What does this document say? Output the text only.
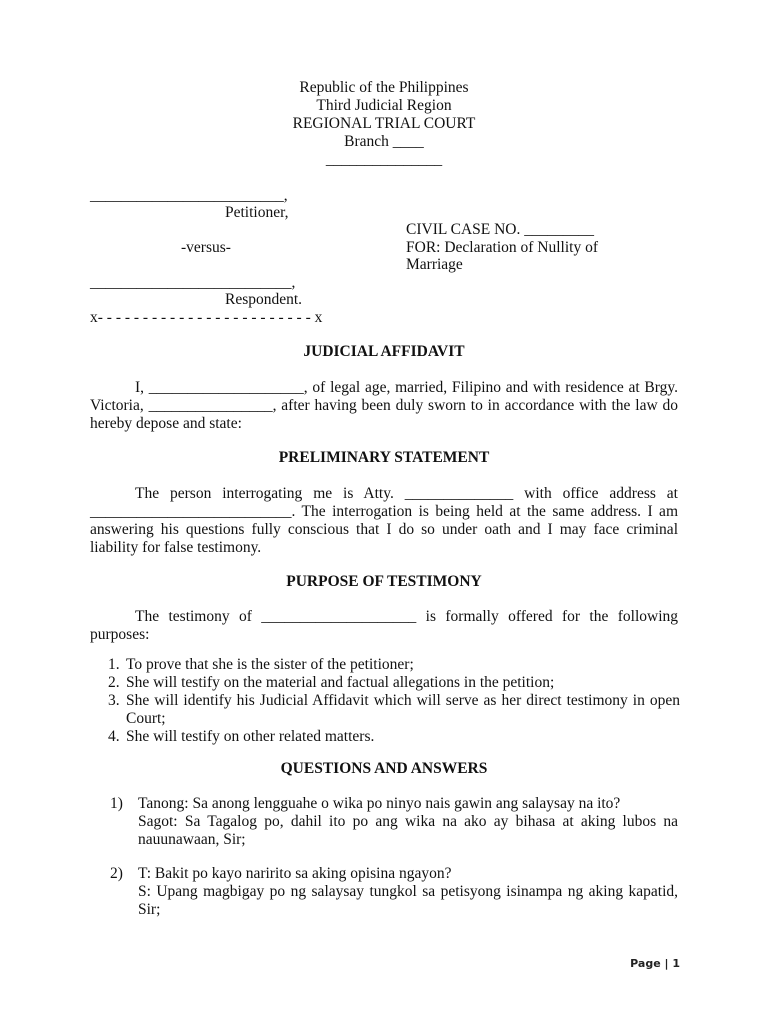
Republic of the Philippines
Third Judicial Region
REGIONAL TRIAL COURT
Branch ____
_______________
_________________________,
Petitioner,
-versus-
__________________________,
Respondent.
x- - - - - - - - - - - - - - - - - - - - - - - - x
CIVIL CASE NO. _________
FOR: Declaration of Nullity of
Marriage
JUDICIAL AFFIDAVIT
I, ____________________, of legal age, married, Filipino and with residence at Brgy. Victoria, ________________, after having been duly sworn to in accordance with the law do hereby depose and state:
PRELIMINARY STATEMENT
The person interrogating me is Atty. ______________ with office address at __________________________. The interrogation is being held at the same address. I am answering his questions fully conscious that I do so under oath and I may face criminal liability for false testimony.
PURPOSE OF TESTIMONY
The testimony of ____________________ is formally offered for the following purposes:
1. To prove that she is the sister of the petitioner;
2. She will testify on the material and factual allegations in the petition;
3. She will identify his Judicial Affidavit which will serve as her direct testimony in open Court;
4. She will testify on other related matters.
QUESTIONS AND ANSWERS
1) Tanong: Sa anong lengguahe o wika po ninyo nais gawin ang salaysay na ito?
Sagot: Sa Tagalog po, dahil ito po ang wika na ako ay bihasa at aking lubos na nauunawaan, Sir;
2) T: Bakit po kayo naririto sa aking opisina ngayon?
S: Upang magbigay po ng salaysay tungkol sa petisyong isinampa ng aking kapatid, Sir;
Page | 1
